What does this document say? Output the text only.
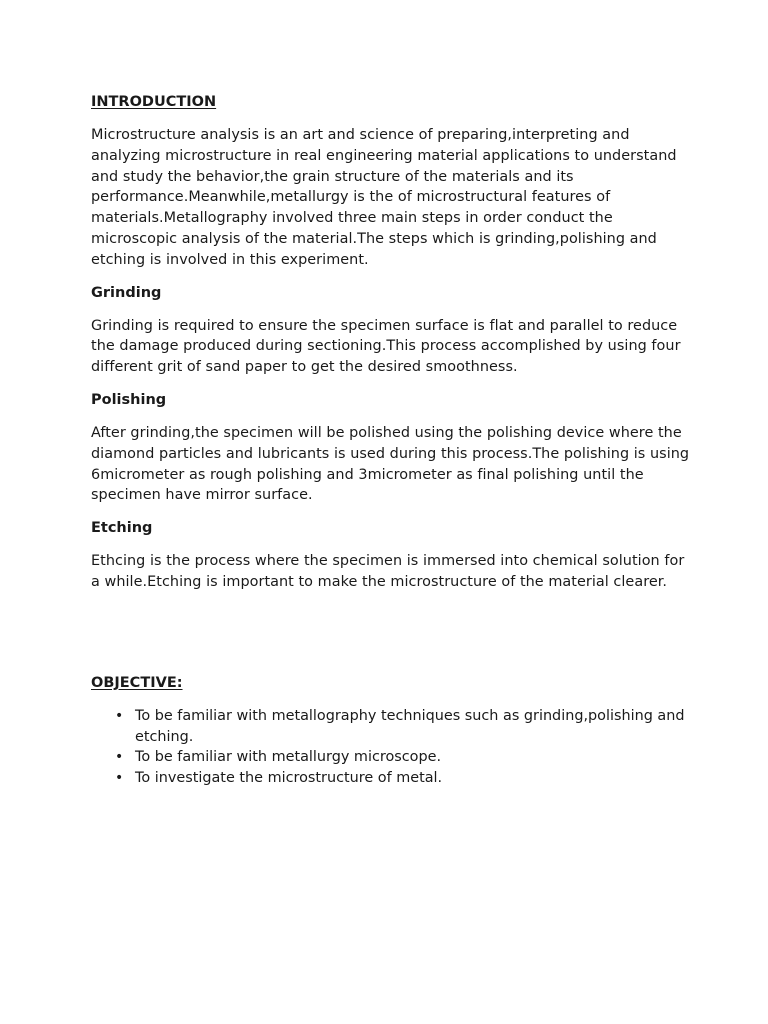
INTRODUCTION

Microstructure analysis is an art and science of preparing,interpreting and analyzing microstructure in real engineering material applications to understand and study the behavior,the grain structure of the materials and its performance.Meanwhile,metallurgy is the of microstructural features of materials.Metallography involved three main steps in order conduct the microscopic analysis of the material.The steps which is grinding,polishing and etching is involved in this experiment.

Grinding

Grinding is required to ensure the specimen surface is flat and parallel to reduce the damage produced during sectioning.This process accomplished by using four different grit of sand paper to get the desired smoothness.

Polishing

After grinding,the specimen will be polished using the polishing device where the diamond particles and lubricants is used during this process.The polishing is using 6micrometer as rough polishing and 3micrometer as final polishing until the specimen have mirror surface.

Etching

Ethcing is the process where the specimen is immersed into chemical solution for a while.Etching is important to make the microstructure of the material clearer.

OBJECTIVE:

• To be familiar with metallography techniques such as grinding,polishing and etching.
• To be familiar with metallurgy microscope.
• To investigate the microstructure of metal.
